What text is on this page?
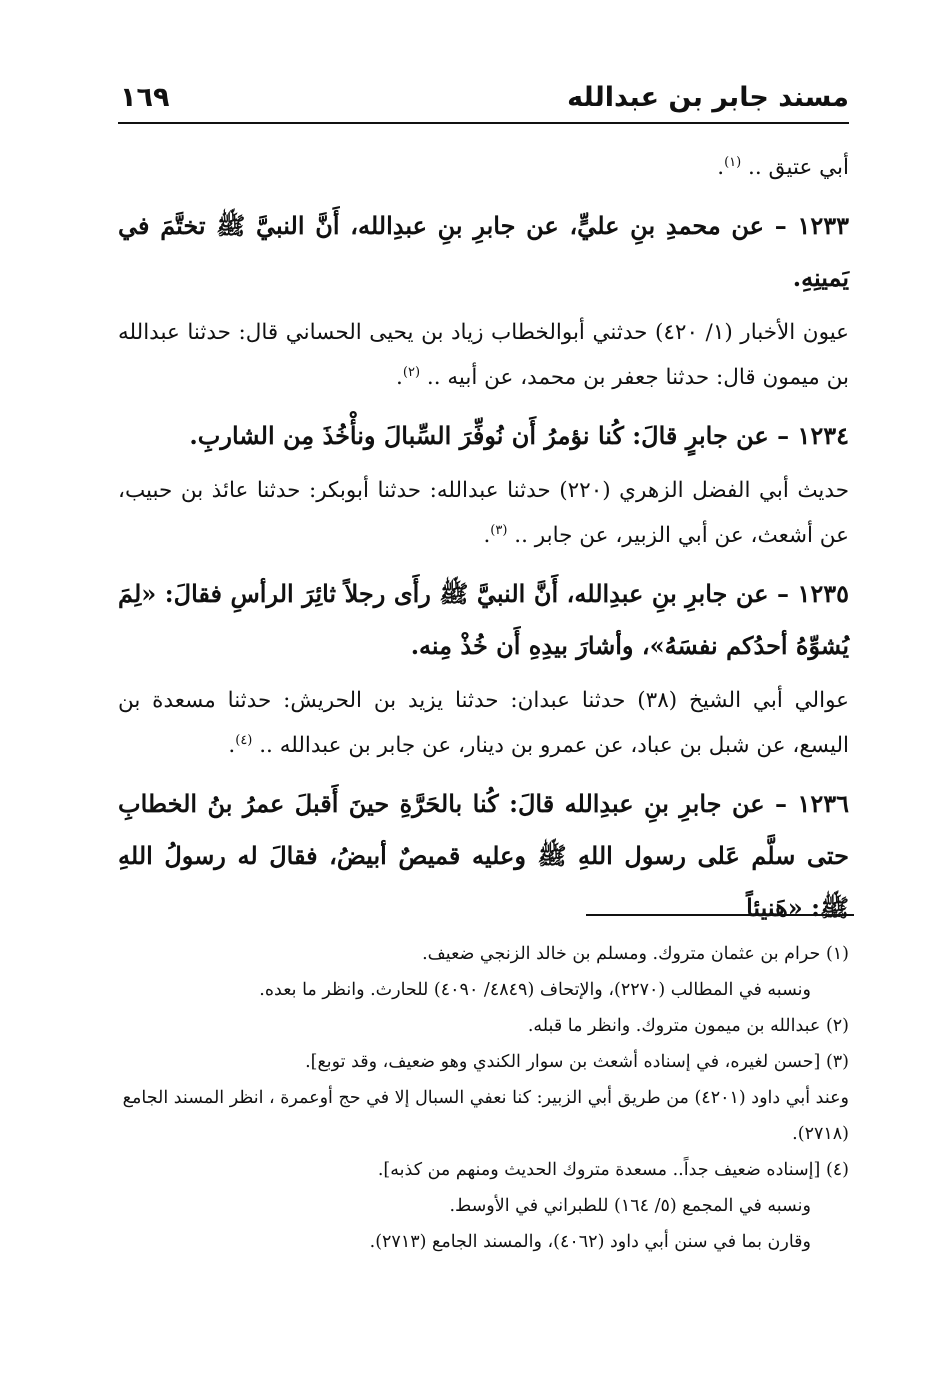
مسند جابر بن عبدالله
١٦٩

أبي عتيق .. $^{(١)}$.

١٢٣٣ – عن محمدِ بنِ عليٍّ، عن جابرِ بنِ عبدِالله، أَنَّ النبيَّ ﷺ تختَّمَ في يَمينِهِ.

عيون الأخبار (١/ ٤٢٠) حدثني أبوالخطاب زياد بن يحيى الحساني قال: حدثنا عبدالله بن ميمون قال: حدثنا جعفر بن محمد، عن أبيه .. $^{(٢)}$.

١٢٣٤ – عن جابرٍ قالَ: كُنا نؤمرُ أَن نُوفِّرَ السِّبالَ ونأْخُذَ مِن الشاربِ.

حديث أبي الفضل الزهري (٢٢٠) حدثنا عبدالله: حدثنا أبوبكر: حدثنا عائذ بن حبيب، عن أشعث، عن أبي الزبير، عن جابر .. $^{(٣)}$.

١٢٣٥ – عن جابرِ بنِ عبدِالله، أَنَّ النبيَّ ﷺ رأَى رجلاً ثائِرَ الرأسِ فقالَ: «لِمَ يُشوِّهُ أحدُكم نفسَهُ»، وأشارَ بيدِهِ أَن خُذْ مِنه.

عوالي أبي الشيخ (٣٨) حدثنا عبدان: حدثنا يزيد بن الحريش: حدثنا مسعدة بن اليسع، عن شبل بن عباد، عن عمرو بن دينار، عن جابر بن عبدالله .. $^{(٤)}$.

١٢٣٦ – عن جابرِ بنِ عبدِالله قالَ: كُنا بالحَرَّةِ حينَ أَقبلَ عمرُ بنُ الخطابِ حتى سلَّم عَلى رسول اللهِ ﷺ وعليه قميصٌ أبيضُ، فقالَ له رسولُ اللهِ ﷺ: «هَنيئاً

(١) حرام بن عثمان متروك. ومسلم بن خالد الزنجي ضعيف.

ونسبه في المطالب (٢٢٧٠)، والإتحاف (٤٨٤٩/ ٤٠٩٠) للحارث. وانظر ما بعده.

(٢) عبدالله بن ميمون متروك. وانظر ما قبله.

(٣) [حسن لغيره، في إسناده أشعث بن سوار الكندي وهو ضعيف، وقد توبع].

وعند أبي داود (٤٢٠١) من طريق أبي الزبير: كنا نعفي السبال إلا في حج أوعمرة ، انظر المسند الجامع (٢٧١٨).

(٤) [إسناده ضعيف جداً.. مسعدة متروك الحديث ومنهم من كذبه].

ونسبه في المجمع (٥/ ١٦٤) للطبراني في الأوسط.

وقارن بما في سنن أبي داود (٤٠٦٢)، والمسند الجامع (٢٧١٣).
